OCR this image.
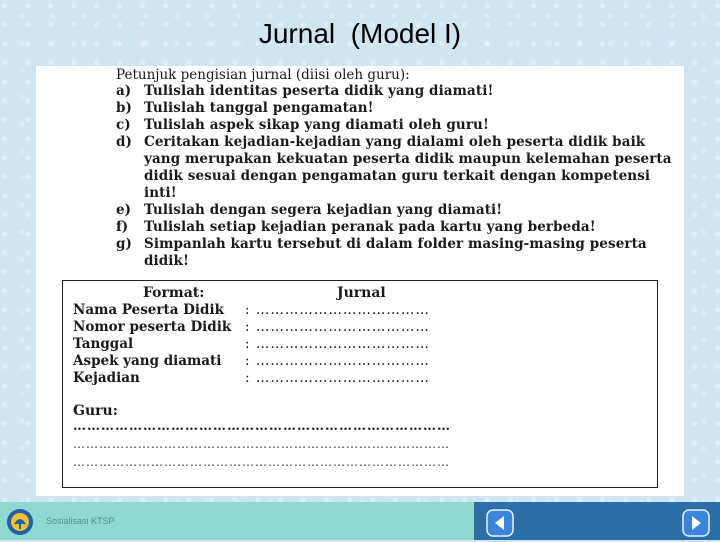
Jurnal  (Model I)
Petunjuk pengisian jurnal (diisi oleh guru):
a) Tulislah identitas peserta didik yang diamati!
b) Tulislah tanggal pengamatan!
c) Tulislah aspek sikap yang diamati oleh guru!
d) Ceritakan kejadian-kejadian yang dialami oleh peserta didik baik yang merupakan kekuatan peserta didik maupun kelemahan peserta didik sesuai dengan pengamatan guru terkait dengan kompetensi inti!
e) Tulislah dengan segera kejadian yang diamati!
f)	Tulislah setiap kejadian peranak pada kartu yang berbeda!
g) Simpanlah kartu tersebut di dalam folder masing-masing peserta didik!
Format:	Jurnal
Nama Peserta Didik	: ………………………………
Nomor peserta Didik	: ………………………………
Tanggal	: ………………………………
Aspek yang diamati	: ………………………………
Kejadian	: ………………………………
Guru:
………………………………………………………………………
……………………………………………………………………………
……………………………………………………………………………
Sosialisasi KTSP
